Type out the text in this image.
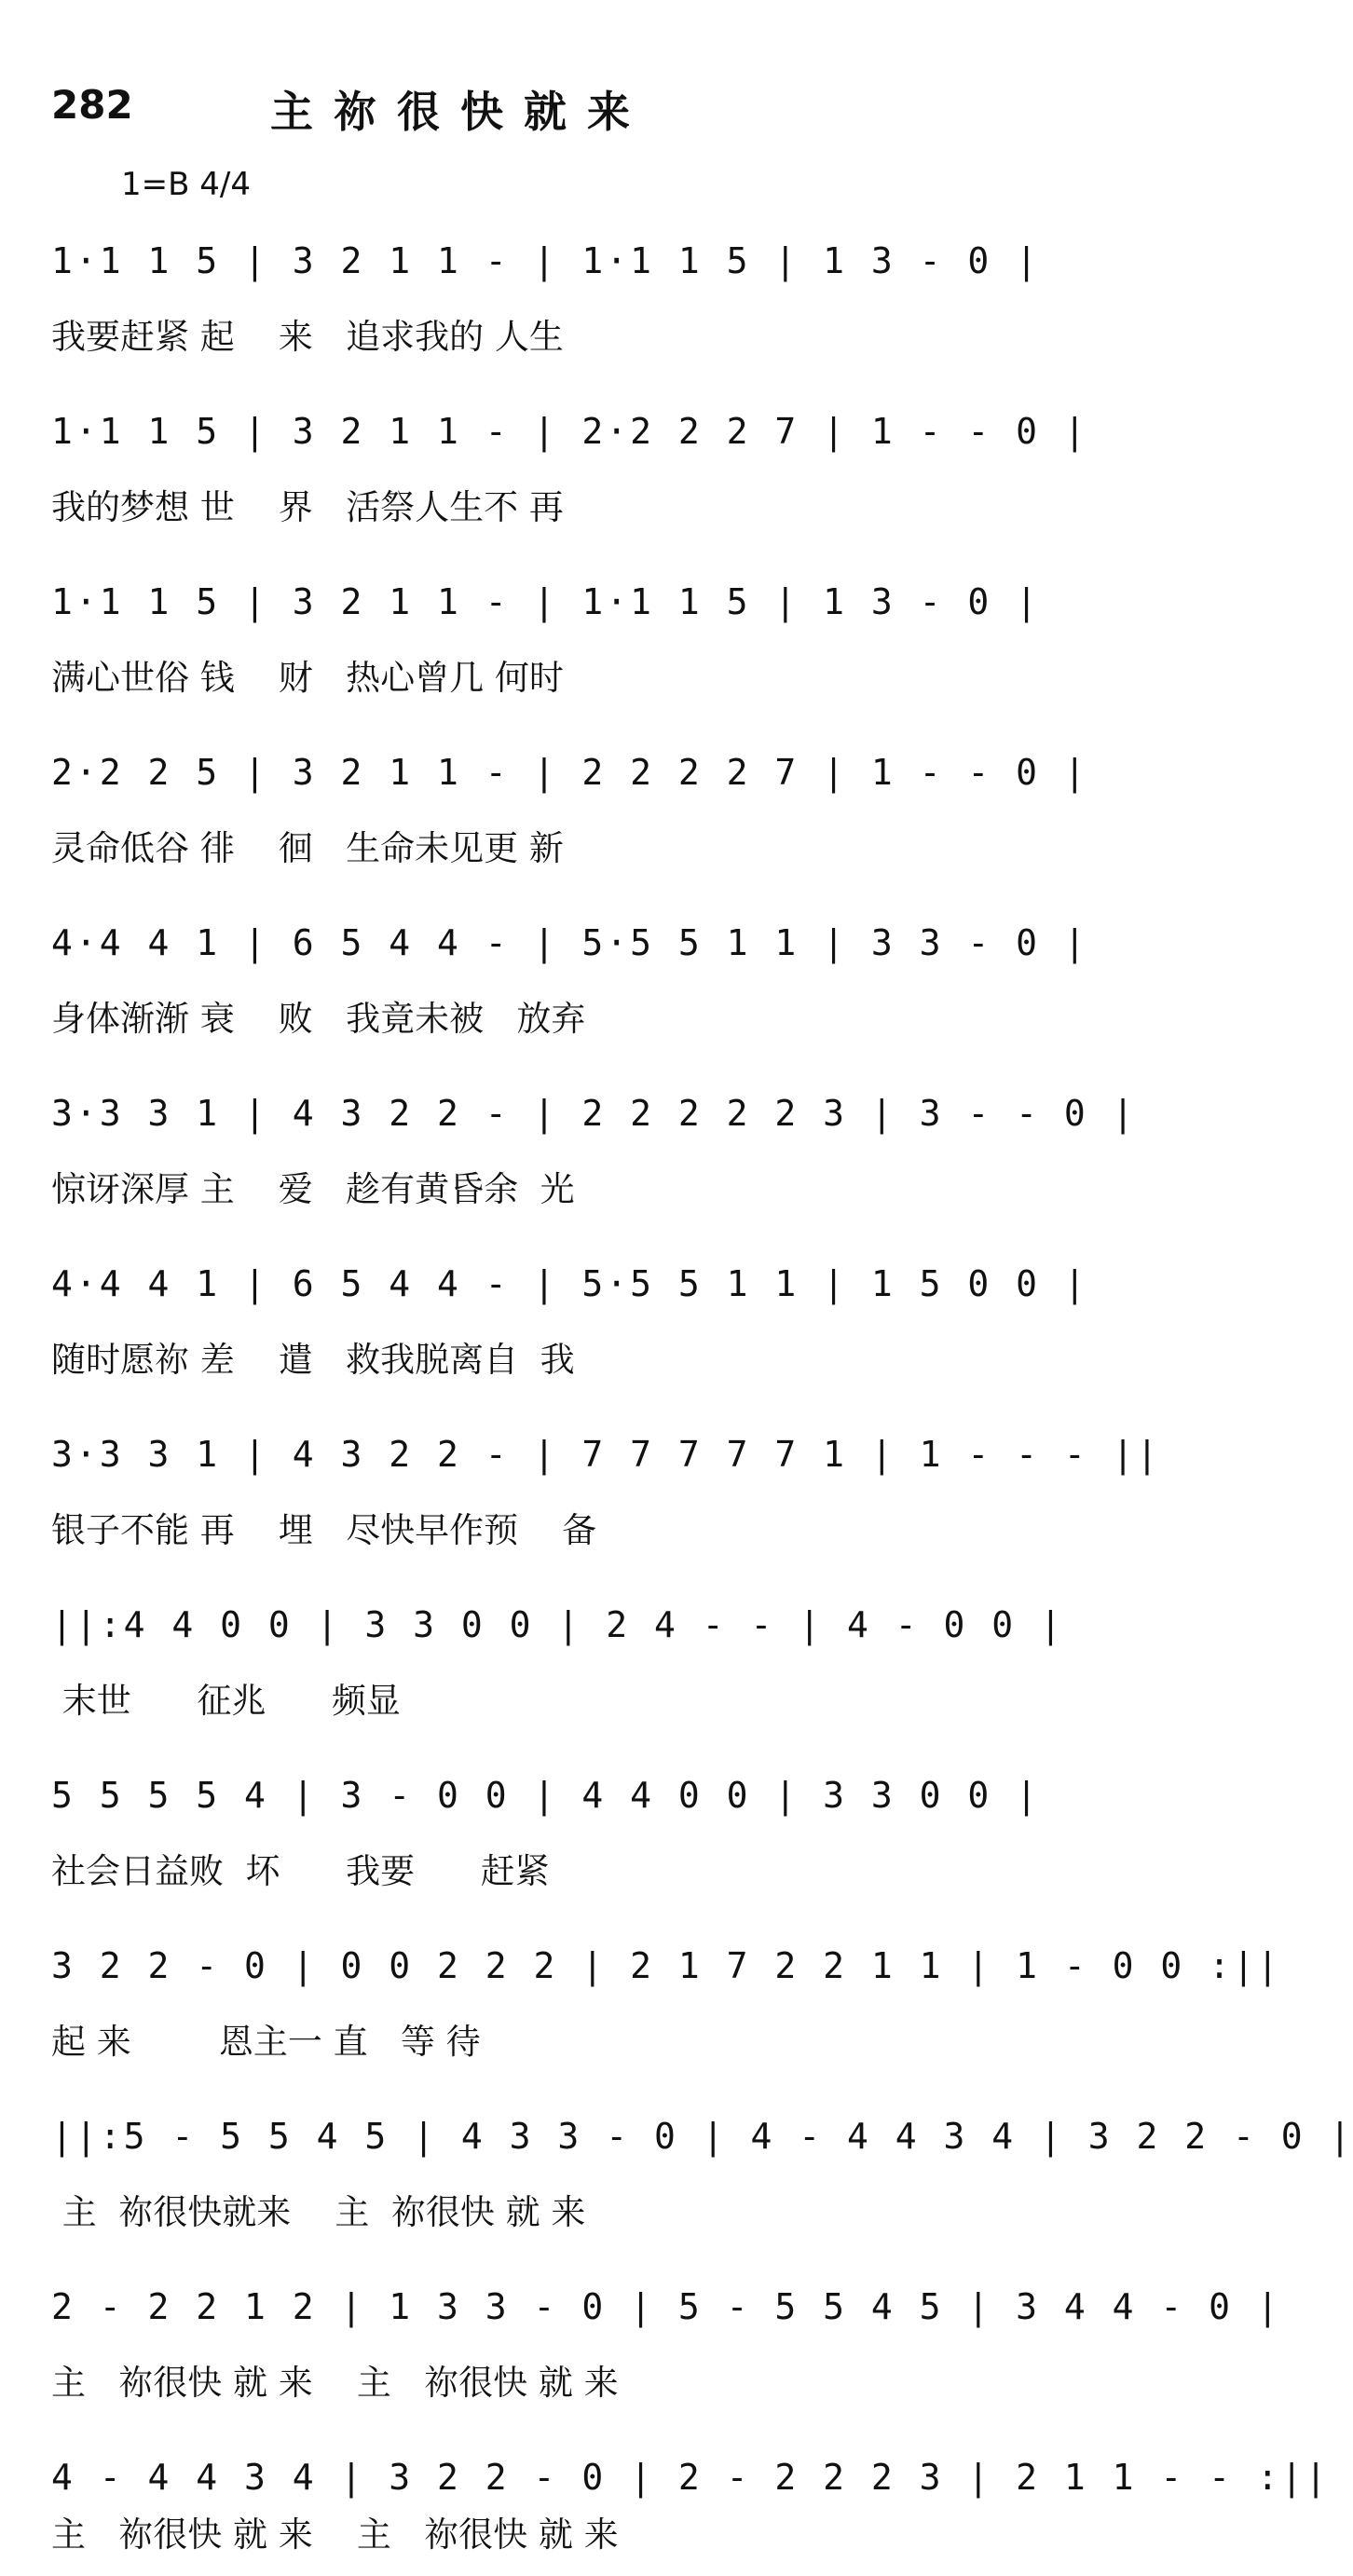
282	主祢很快就来
1=B 4/4
1·1 1 5 | 3 2 1 1 - | 1·1 1 5 | 1 3 - 0 |
我要赶紧 起    来   追求我的 人生
1·1 1 5 | 3 2 1 1 - | 2·2 2 2 7 | 1 - - 0 |
我的梦想 世    界   活祭人生不 再
1·1 1 5 | 3 2 1 1 - | 1·1 1 5 | 1 3 - 0 |
满心世俗 钱    财   热心曾几 何时
2·2 2 5 | 3 2 1 1 - | 2 2 2 2 7 | 1 - - 0 |
灵命低谷 徘    徊   生命未见更 新
4·4 4 1 | 6 5 4 4 - | 5·5 5 1 1 | 3 3 - 0 |
身体渐渐 衰    败   我竟未被   放弃
3·3 3 1 | 4 3 2 2 - | 2 2 2 2 2 3 | 3 - - 0 |
惊讶深厚 主    爱   趁有黄昏余  光
4·4 4 1 | 6 5 4 4 - | 5·5 5 1 1 | 1 5 0 0 |
随时愿祢 差    遣   救我脱离自  我
3·3 3 1 | 4 3 2 2 - | 7 7 7 7 7 1 | 1 - - - ||
银子不能 再    埋   尽快早作预    备
||:4 4 0 0 | 3 3 0 0 | 2 4 - - | 4 - 0 0 |
末世      征兆      频显
5 5 5 5 4 | 3 - 0 0 | 4 4 0 0 | 3 3 0 0 |
社会日益败  坏      我要      赶紧
3 2 2 - 0 | 0 0 2 2 2 | 2 1 7 2 2 1 1 | 1 - 0 0 :||
起 来        恩主一 直   等 待
||:5 - 5 5 4 5 | 4 3 3 - 0 | 4 - 4 4 3 4 | 3 2 2 - 0 |
主  祢很快就来    主  祢很快 就 来
2 - 2 2 1 2 | 1 3 3 - 0 | 5 - 5 5 4 5 | 3 4 4 - 0 |
主   祢很快 就 来    主   祢很快 就 来
4 - 4 4 3 4 | 3 2 2 - 0 | 2 - 2 2 2 3 | 2 1 1 - - :||
主   祢很快 就 来    主   祢很快 就 来
